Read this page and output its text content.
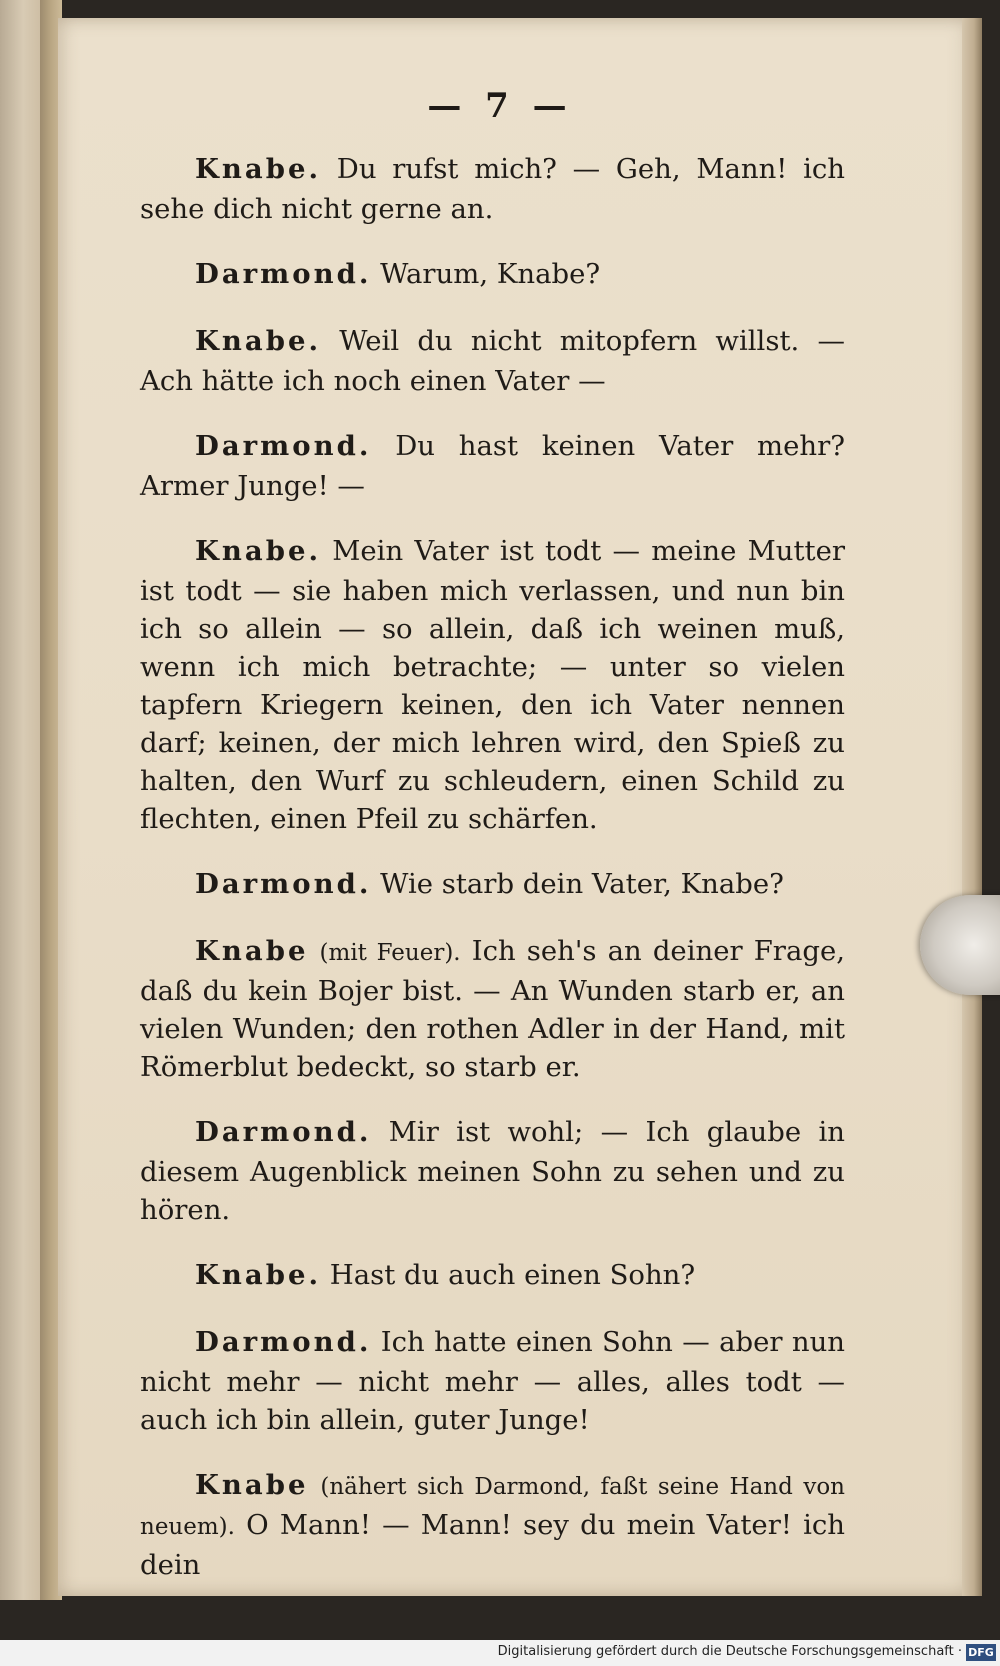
— 7 —

Knabe. Du rufst mich? — Geh, Mann! ich sehe dich nicht gerne an.

Darmond. Warum, Knabe?

Knabe. Weil du nicht mitopfern willst. — Ach hätte ich noch einen Vater —

Darmond. Du hast keinen Vater mehr? Armer Junge! —

Knabe. Mein Vater ist todt — meine Mutter ist todt — sie haben mich verlassen, und nun bin ich so allein — so allein, daß ich weinen muß, wenn ich mich betrachte; — unter so vielen tapfern Kriegern keinen, den ich Vater nennen darf; keinen, der mich lehren wird, den Spieß zu halten, den Wurf zu schleudern, einen Schild zu flechten, einen Pfeil zu schärfen.

Darmond. Wie starb dein Vater, Knabe?

Knabe (mit Feuer). Ich seh's an deiner Frage, daß du kein Bojer bist. — An Wunden starb er, an vielen Wunden; den rothen Adler in der Hand, mit Römerblut bedeckt, so starb er.

Darmond. Mir ist wohl; — Ich glaube in diesem Augenblick meinen Sohn zu sehen und zu hören.

Knabe. Hast du auch einen Sohn?

Darmond. Ich hatte einen Sohn — aber nun nicht mehr — nicht mehr — alles, alles todt — auch ich bin allein, guter Junge!

Knabe (nähert sich Darmond, faßt seine Hand von neuem). O Mann! — Mann! sey du mein Vater! ich dein

Digitalisierung gefördert durch die Deutsche Forschungsgemeinschaft · DFG
